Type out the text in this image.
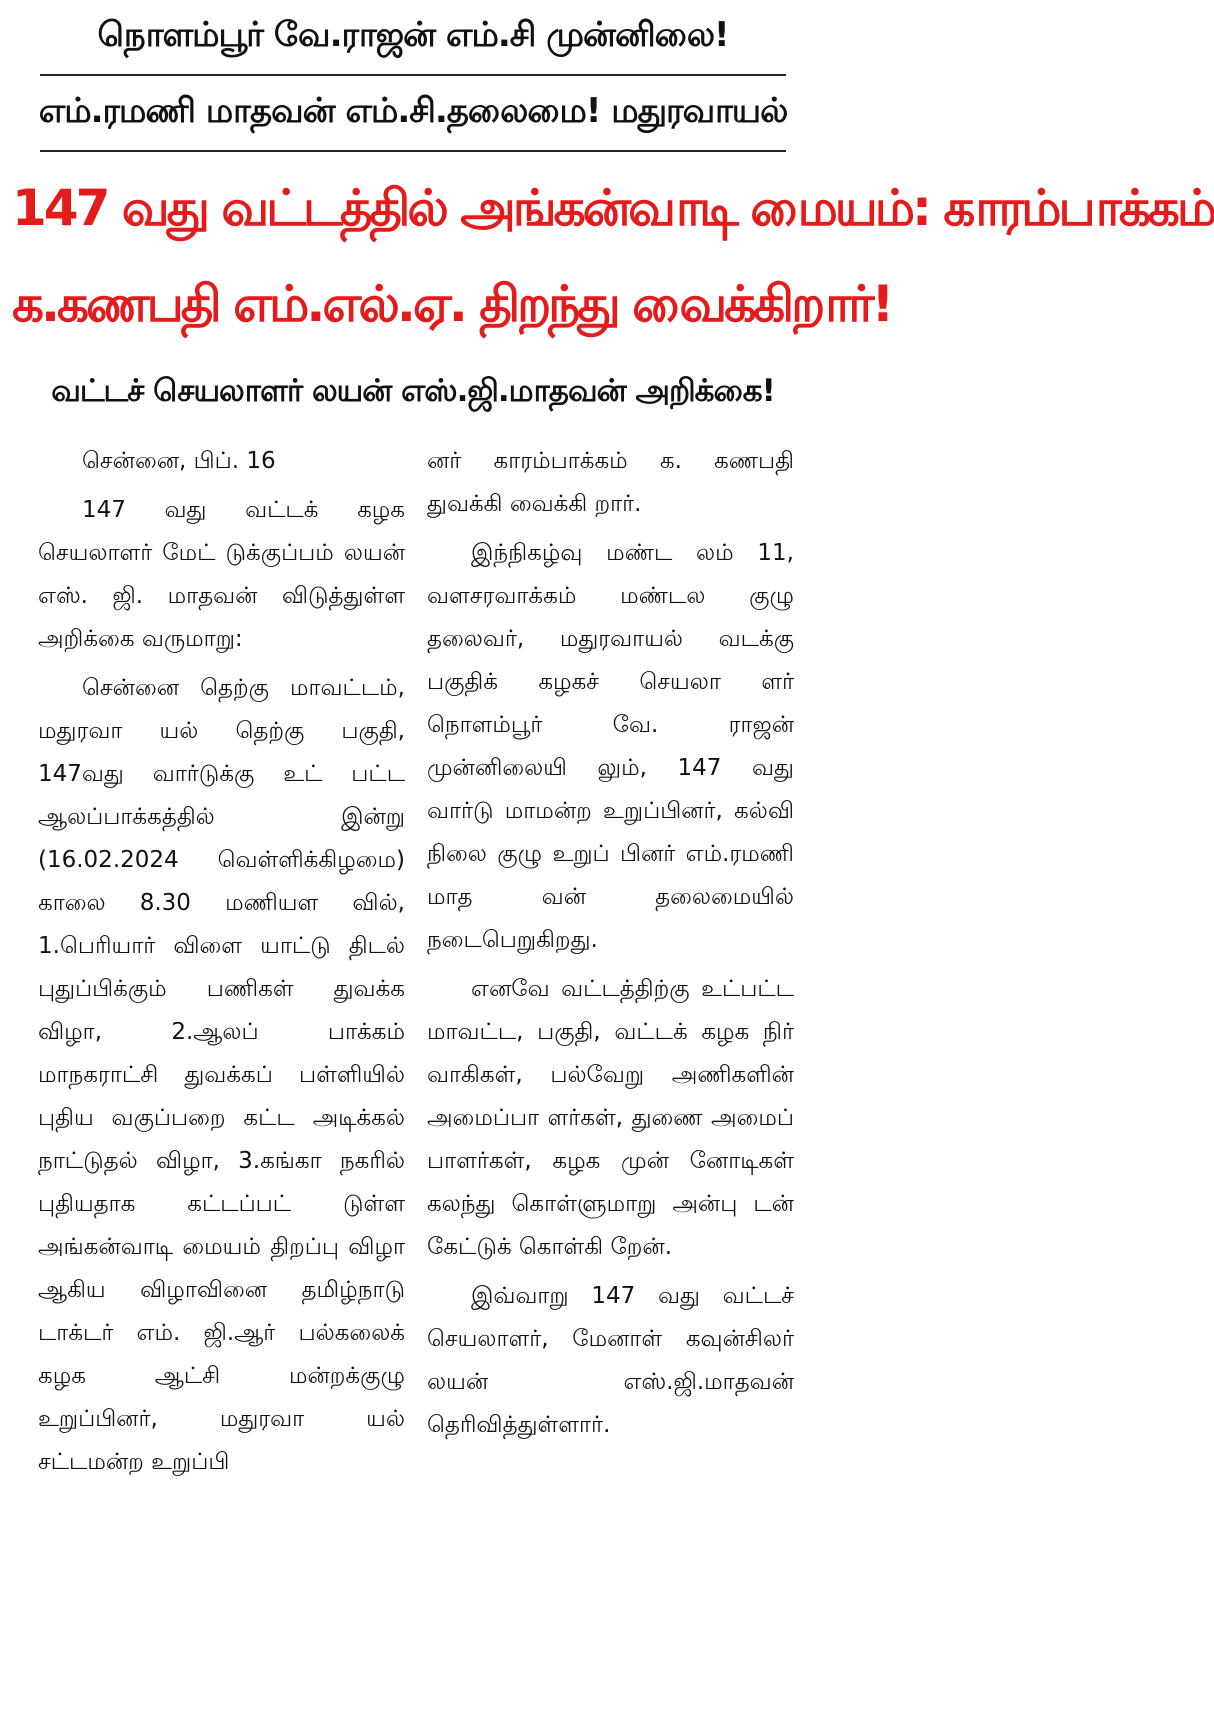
நொளம்பூர் வே.ராஜன் எம்.சி முன்னிலை!
எம்.ரமணி மாதவன் எம்.சி.தலைமை! மதுரவாயல்
147 வது வட்டத்தில் அங்கன்வாடி மையம்: காரம்பாக்கம்
க.கணபதி எம்.எல்.ஏ. திறந்து வைக்கிறார்!
வட்டச் செயலாளர் லயன் எஸ்.ஜி.மாதவன் அறிக்கை!

சென்னை, பிப். 16

147 வது வட்டக் கழக செயலாளர் மேட் டுக்குப்பம் லயன் எஸ். ஜி. மாதவன் விடுத்துள்ள அறிக்கை வருமாறு:

சென்னை தெற்கு மாவட்டம், மதுரவா யல் தெற்கு பகுதி, 147வது வார்டுக்கு உட் பட்ட ஆலப்பாக்கத்தில் இன்று (16.02.2024 வெள்ளிக்கிழமை) காலை 8.30 மணியள வில், 1.பெரியார் விளை யாட்டு திடல் புதுப்பிக்கும் பணிகள் துவக்க விழா, 2.ஆலப் பாக்கம் மாநகராட்சி துவக்கப் பள்ளியில் புதிய வகுப்பறை கட்ட அடிக்கல் நாட்டுதல் விழா, 3.கங்கா நகரில் புதியதாக கட்டப்பட் டுள்ள அங்கன்வாடி மையம் திறப்பு விழா ஆகிய விழாவினை தமிழ்நாடு டாக்டர் எம். ஜி.ஆர் பல்கலைக் கழக ஆட்சி மன்றக்குழு உறுப்பினர், மதுரவா யல் சட்டமன்ற உறுப்பி

னர் காரம்பாக்கம் க. கணபதி துவக்கி வைக்கி றார்.

இந்நிகழ்வு மண்ட லம் 11, வளசரவாக்கம் மண்டல குழு தலைவர், மதுரவாயல் வடக்கு பகுதிக் கழகச் செயலா ளர் நொளம்பூர் வே. ராஜன் முன்னிலையி லும், 147 வது வார்டு மாமன்ற உறுப்பினர், கல்வி நிலை குழு உறுப் பினர் எம்.ரமணி மாத வன் தலைமையில் நடைபெறுகிறது.

எனவே வட்டத்திற்கு உட்பட்ட மாவட்ட, பகுதி, வட்டக் கழக நிர் வாகிகள், பல்வேறு அணிகளின் அமைப்பா ளர்கள், துணை அமைப் பாளர்கள், கழக முன் னோடிகள் கலந்து கொள்ளுமாறு அன்பு டன் கேட்டுக் கொள்கி றேன்.

இவ்வாறு 147 வது வட்டச் செயலாளர், மேனாள் கவுன்சிலர் லயன் எஸ்.ஜி.மாதவன் தெரிவித்துள்ளார்.
